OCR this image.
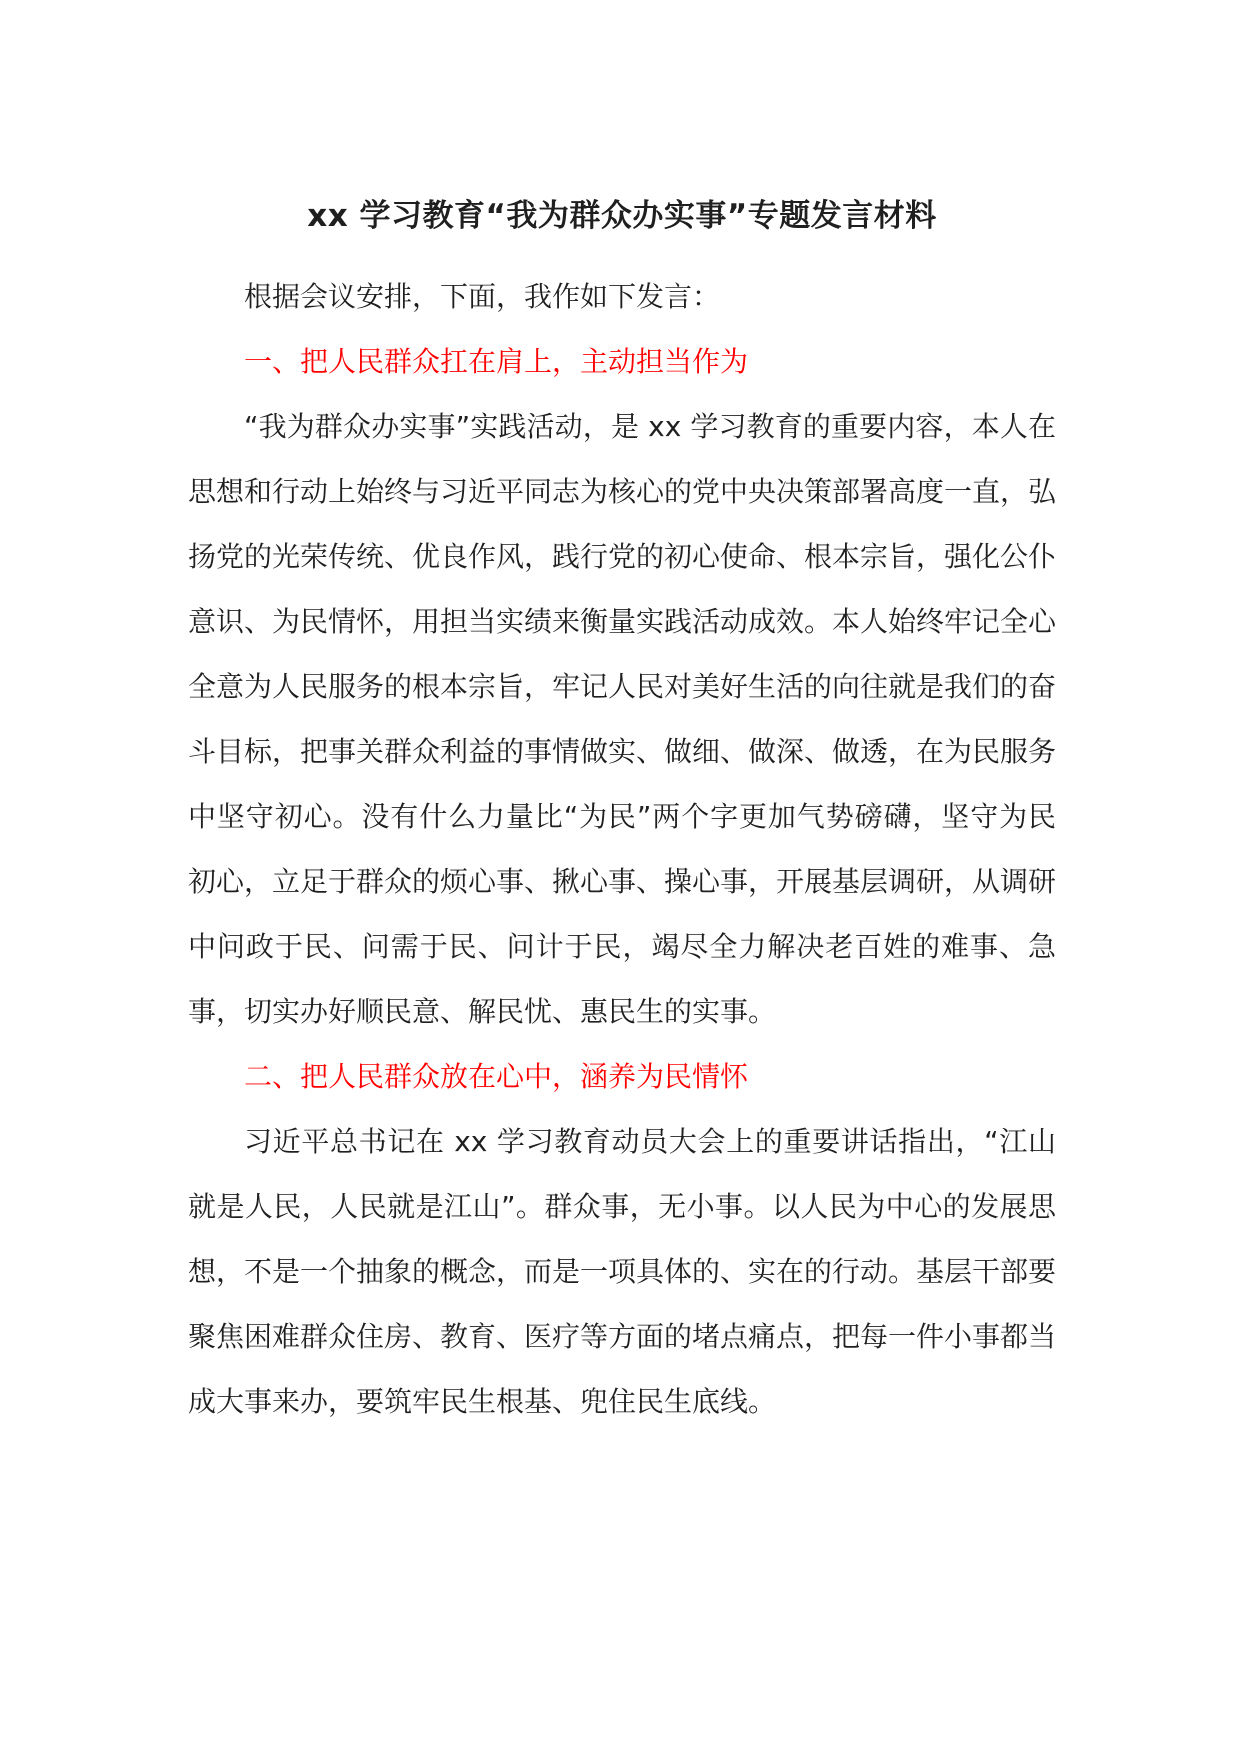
xx 学习教育“我为群众办实事”专题发言材料

根据会议安排，下面，我作如下发言：

一、把人民群众扛在肩上，主动担当作为

“我为群众办实事”实践活动，是 xx 学习教育的重要内容，本人在思想和行动上始终与习近平同志为核心的党中央决策部署高度一直，弘扬党的光荣传统、优良作风，践行党的初心使命、根本宗旨，强化公仆意识、为民情怀，用担当实绩来衡量实践活动成效。本人始终牢记全心全意为人民服务的根本宗旨，牢记人民对美好生活的向往就是我们的奋斗目标，把事关群众利益的事情做实、做细、做深、做透，在为民服务中坚守初心。没有什么力量比“为民”两个字更加气势磅礴，坚守为民初心，立足于群众的烦心事、揪心事、操心事，开展基层调研，从调研中问政于民、问需于民、问计于民，竭尽全力解决老百姓的难事、急事，切实办好顺民意、解民忧、惠民生的实事。

二、把人民群众放在心中，涵养为民情怀

习近平总书记在 xx 学习教育动员大会上的重要讲话指出，“江山就是人民，人民就是江山”。群众事，无小事。以人民为中心的发展思想，不是一个抽象的概念，而是一项具体的、实在的行动。基层干部要聚焦困难群众住房、教育、医疗等方面的堵点痛点，把每一件小事都当成大事来办，要筑牢民生根基、兜住民生底线。
